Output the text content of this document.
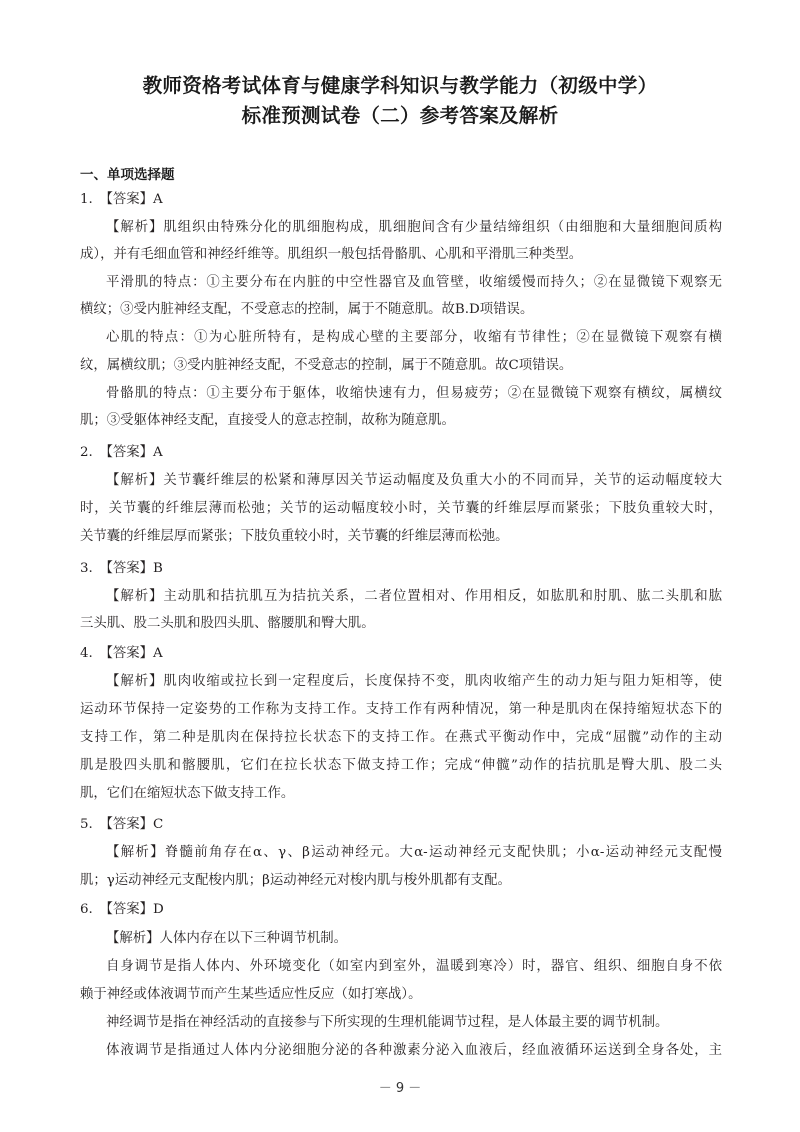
教师资格考试体育与健康学科知识与教学能力（初级中学）
标准预测试卷（二）参考答案及解析
一、单项选择题
1.　【答案】A
【解析】肌组织由特殊分化的肌细胞构成，肌细胞间含有少量结缔组织（由细胞和大量细胞间质构
成），并有毛细血管和神经纤维等。肌组织一般包括骨骼肌、心肌和平滑肌三种类型。
平滑肌的特点：①主要分布在内脏的中空性器官及血管壁，收缩缓慢而持久；②在显微镜下观察无
横纹；③受内脏神经支配，不受意志的控制，属于不随意肌。故B.D项错误。
心肌的特点：①为心脏所特有，是构成心壁的主要部分，收缩有节律性；②在显微镜下观察有横
纹，属横纹肌；③受内脏神经支配，不受意志的控制，属于不随意肌。故C项错误。
骨骼肌的特点：①主要分布于躯体，收缩快速有力，但易疲劳；②在显微镜下观察有横纹，属横纹
肌；③受躯体神经支配，直接受人的意志控制，故称为随意肌。
2.　【答案】A
【解析】关节囊纤维层的松紧和薄厚因关节运动幅度及负重大小的不同而异，关节的运动幅度较大
时，关节囊的纤维层薄而松弛；关节的运动幅度较小时，关节囊的纤维层厚而紧张；下肢负重较大时，
关节囊的纤维层厚而紧张；下肢负重较小时，关节囊的纤维层薄而松弛。
3.　【答案】B
【解析】主动肌和拮抗肌互为拮抗关系，二者位置相对、作用相反，如肱肌和肘肌、肱二头肌和肱
三头肌、股二头肌和股四头肌、髂腰肌和臀大肌。
4.　【答案】A
【解析】肌肉收缩或拉长到一定程度后，长度保持不变，肌肉收缩产生的动力矩与阻力矩相等，使
运动环节保持一定姿势的工作称为支持工作。支持工作有两种情况，第一种是肌肉在保持缩短状态下的
支持工作，第二种是肌肉在保持拉长状态下的支持工作。在燕式平衡动作中，完成“屈髋”动作的主动
肌是股四头肌和髂腰肌，它们在拉长状态下做支持工作；完成“伸髋”动作的拮抗肌是臀大肌、股二头
肌，它们在缩短状态下做支持工作。
5.　【答案】C
【解析】脊髓前角存在α、γ、β运动神经元。大α-运动神经元支配快肌；小α-运动神经元支配慢
肌；γ运动神经元支配梭内肌；β运动神经元对梭内肌与梭外肌都有支配。
6.　【答案】D
【解析】人体内存在以下三种调节机制。
自身调节是指人体内、外环境变化（如室内到室外，温暖到寒冷）时，器官、组织、细胞自身不依
赖于神经或体液调节而产生某些适应性反应（如打寒战）。
神经调节是指在神经活动的直接参与下所实现的生理机能调节过程，是人体最主要的调节机制。
体液调节是指通过人体内分泌细胞分泌的各种激素分泌入血液后，经血液循环运送到全身各处，主
－ 9 －
